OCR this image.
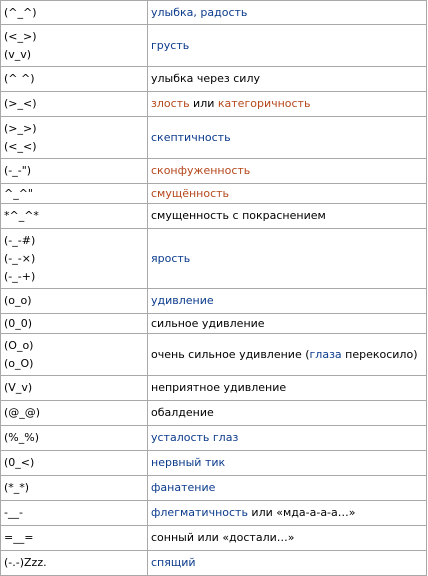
(^_^)	улыбка, радость

(<_>)
(v_v)	грусть

(^ ^)	улыбка через силу

(>_<)	злость или категоричность

(>_>)
(<_<)	скептичность

(-_-")	сконфуженность

^_^"	смущённость

*^_^*	смущенность с покраснением

(-_-#)
(-_-×)
(-_-+)	ярость

(o_o)	удивление

(0_0)	сильное удивление

(O_o)
(o_O)	очень сильное удивление (глаза перекосило)

(V_v)	неприятное удивление

(@_@)	обалдение

(%_%)	усталость глаз

(0_<)	нервный тик

(*_*)	фанатение

-__-	флегматичность или «мда-а-а-а…»

=__=	сонный или «достали…»

(-.-)Zzz.	спящий
